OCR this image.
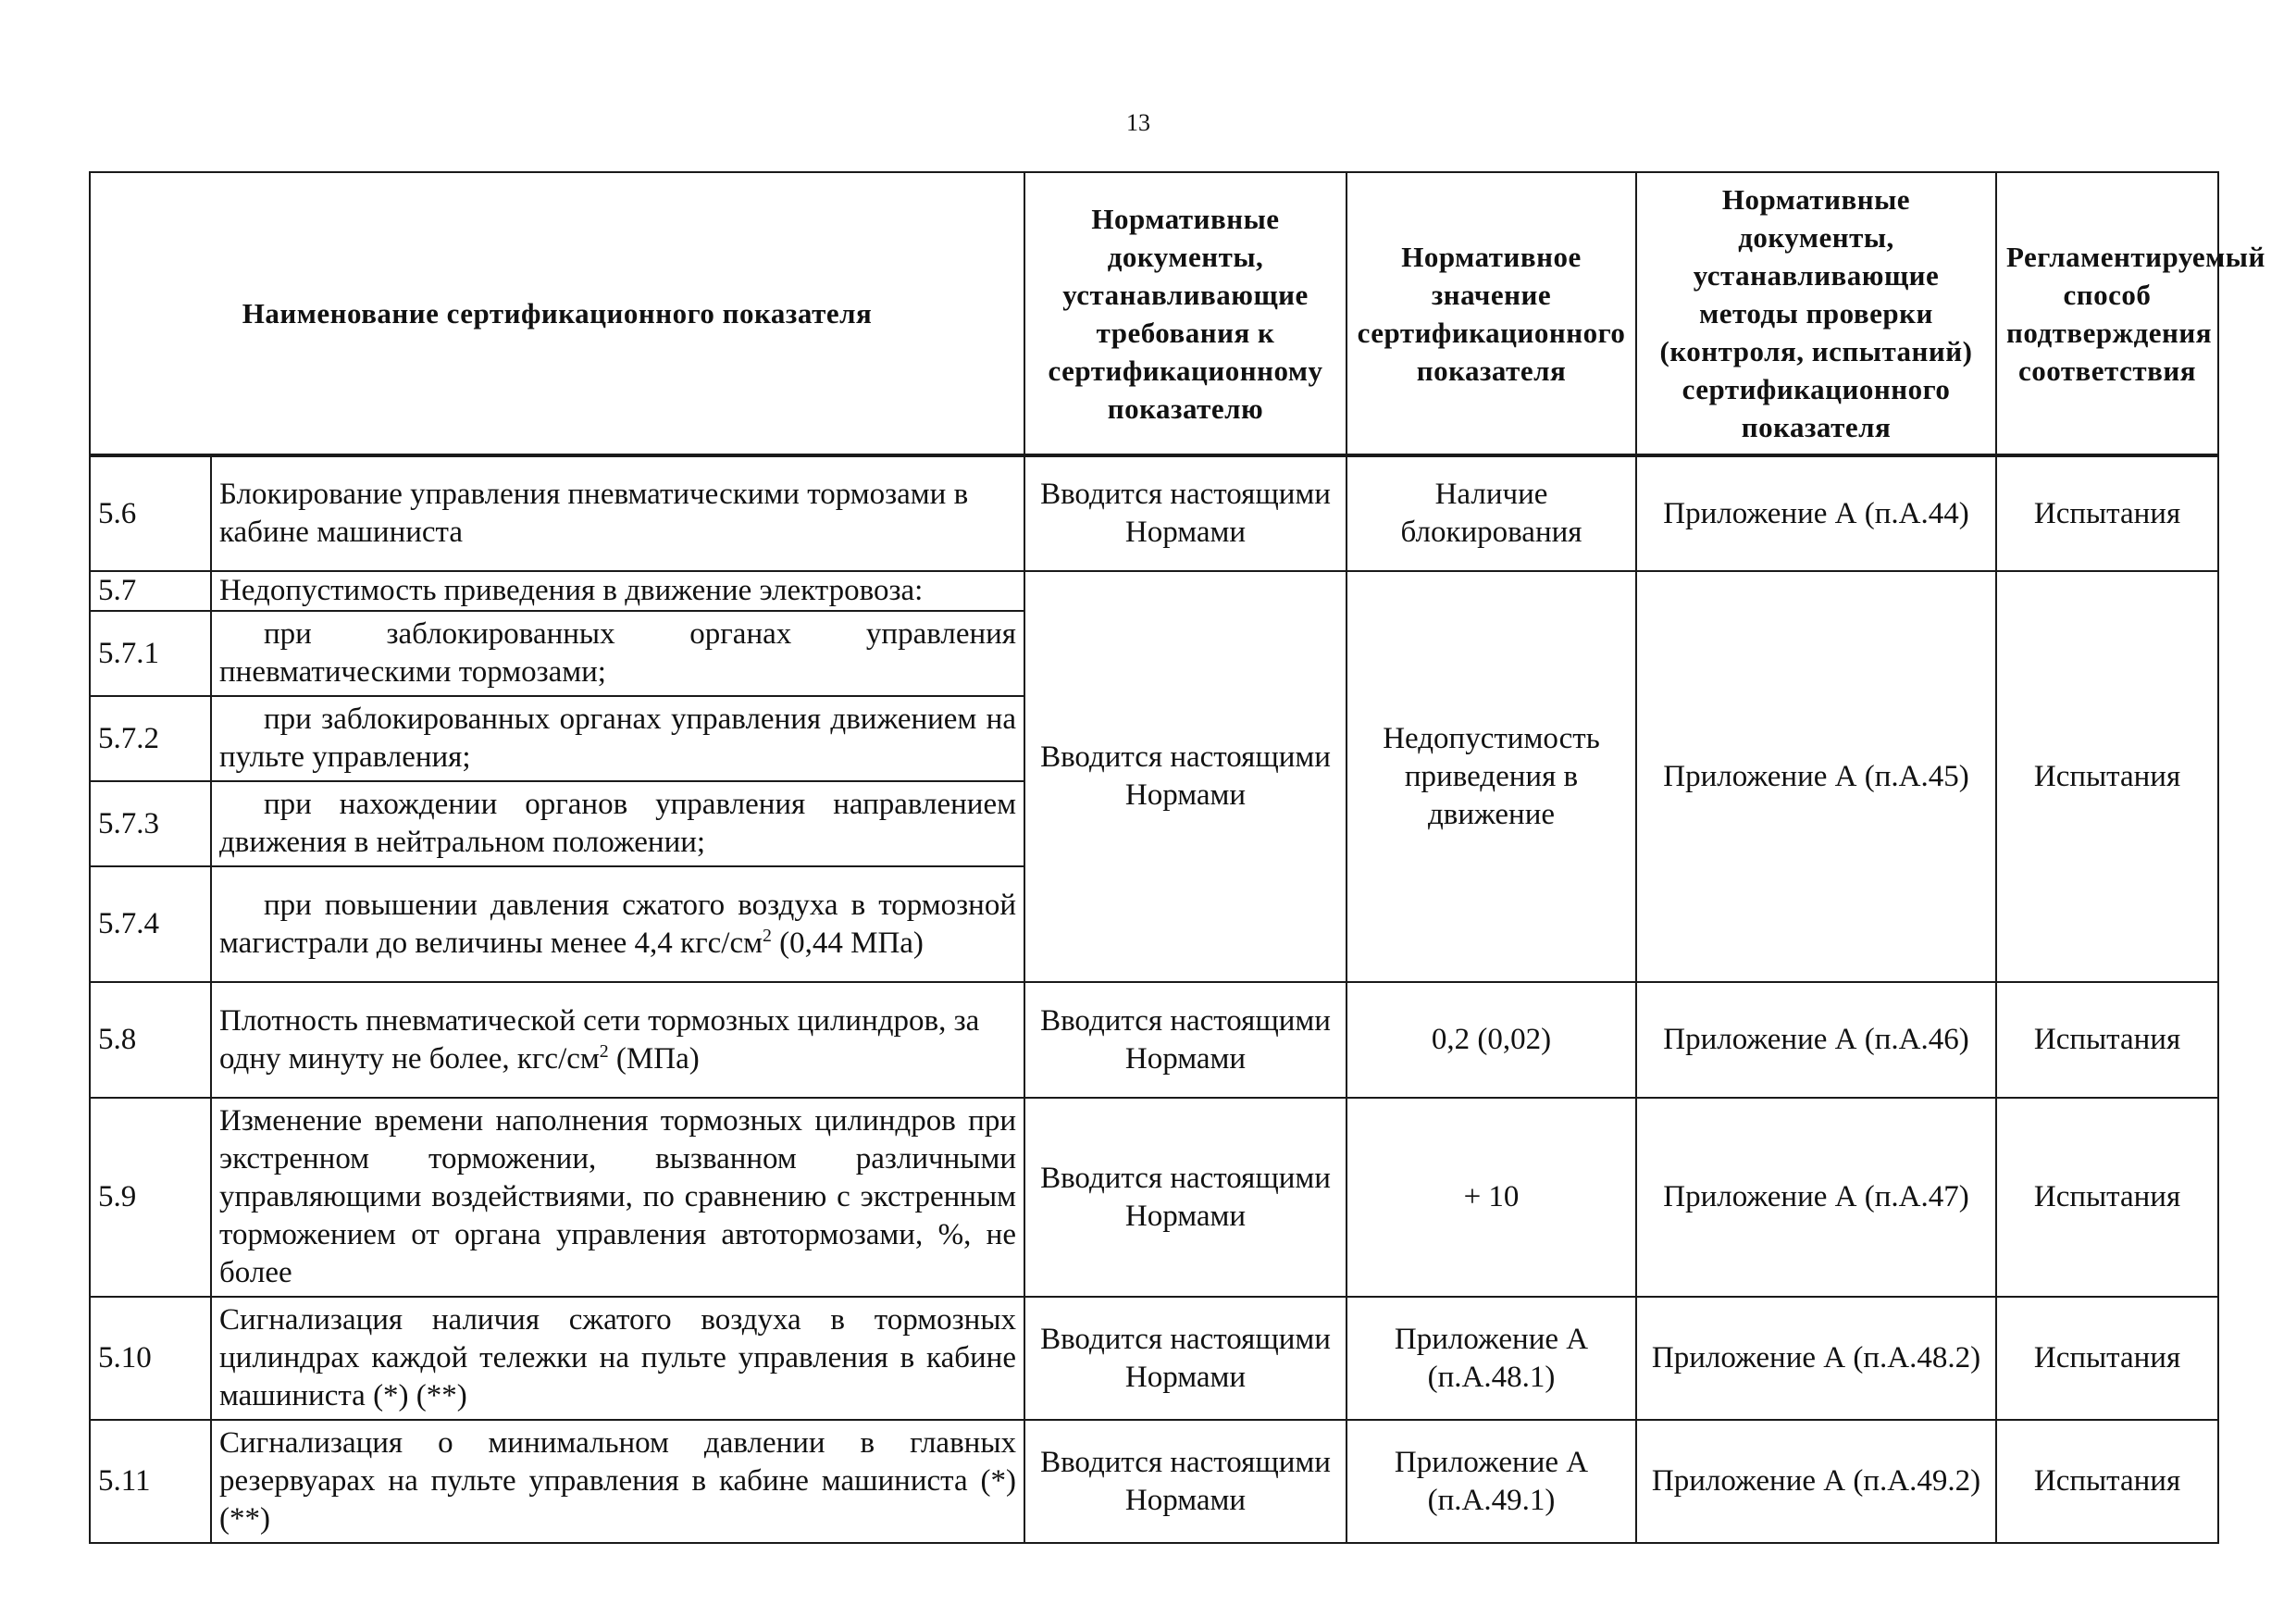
13
Наименование сертификационного показателя		Нормативные документы, устанавливающие требования к сертификационному показателю	Нормативное значение сертификационного показателя	Нормативные документы, устанавливающие методы проверки (контроля, испытаний) сертификационного показателя	Регламентируемый способ подтверждения соответствия
5.6	Блокирование управления пневматическими тормозами в кабине машиниста	Вводится настоящими Нормами	Наличие блокирования	Приложение А (п.А.44)	Испытания
5.7	Недопустимость приведения в движение электровоза:	Вводится настоящими Нормами	Недопустимость приведения в движение	Приложение А (п.А.45)	Испытания
5.7.1	при заблокированных органах управления пневматическими тормозами;				
5.7.2	при заблокированных органах управления движением на пульте управления;				
5.7.3	при нахождении органов управления направлением движения в нейтральном положении;				
5.7.4	при повышении давления сжатого воздуха в тормозной магистрали до величины менее 4,4 кгс/$см^2$ (0,44 МПа)				
5.8	Плотность пневматической сети тормозных цилиндров, за одну минуту не более, кгс/$см^2$ (МПа)	Вводится настоящими Нормами	0,2 (0,02)	Приложение А (п.А.46)	Испытания
5.9	Изменение времени наполнения тормозных цилиндров при экстренном торможении, вызванном различными управляющими воздействиями, по сравнению с экстренным торможением от органа управления автотормозами, %, не более	Вводится настоящими Нормами	+ 10	Приложение А (п.А.47)	Испытания
5.10	Сигнализация наличия сжатого воздуха в тормозных цилиндрах каждой тележки на пульте управления в кабине машиниста (*) (**)	Вводится настоящими Нормами	Приложение А (п.А.48.1)	Приложение А (п.А.48.2)	Испытания
5.11	Сигнализация о минимальном давлении в главных резервуарах на пульте управления в кабине машиниста (*) (**)	Вводится настоящими Нормами	Приложение А (п.А.49.1)	Приложение А (п.А.49.2)	Испытания
